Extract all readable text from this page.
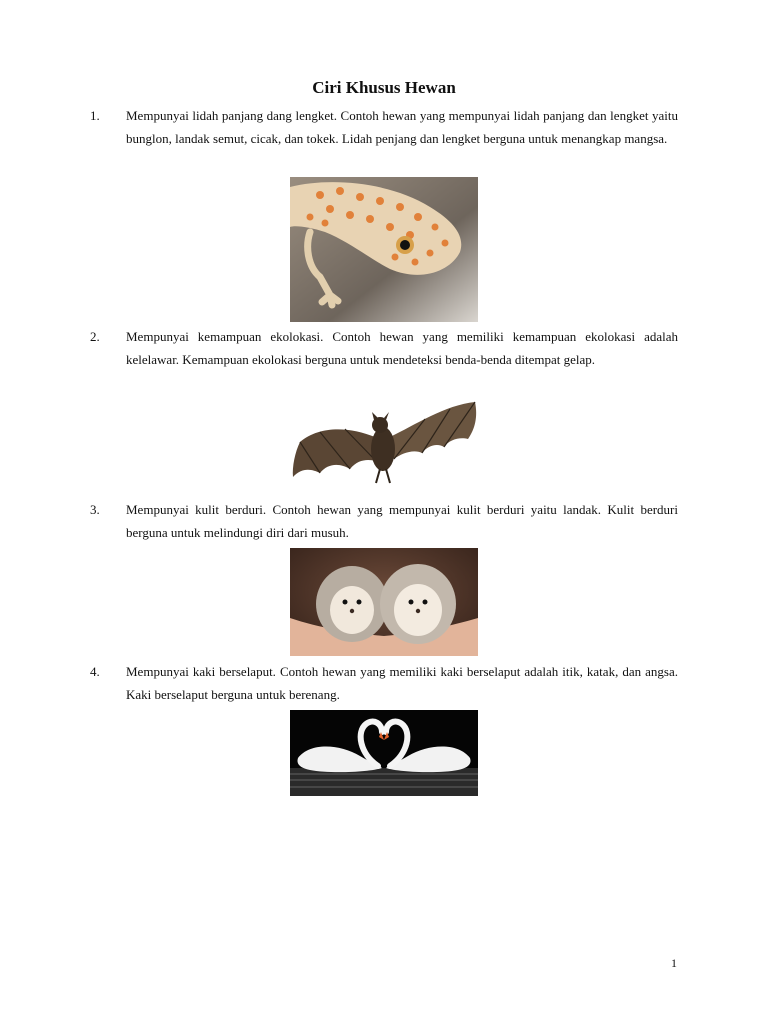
Ciri Khusus Hewan
1. Mempunyai lidah panjang dang lengket. Contoh hewan yang mempunyai lidah panjang dan lengket yaitu bunglon, landak semut, cicak, dan tokek. Lidah penjang dan lengket berguna untuk menangkap mangsa.
2. Mempunyai kemampuan ekolokasi. Contoh hewan yang memiliki kemampuan ekolokasi adalah kelelawar. Kemampuan ekolokasi berguna untuk mendeteksi benda-benda ditempat gelap.
3. Mempunyai kulit berduri. Contoh hewan yang mempunyai kulit berduri yaitu landak. Kulit berduri berguna untuk melindungi diri dari musuh.
4. Mempunyai kaki berselaput. Contoh hewan yang memiliki kaki berselaput adalah itik, katak, dan angsa. Kaki berselaput berguna untuk berenang.
1
